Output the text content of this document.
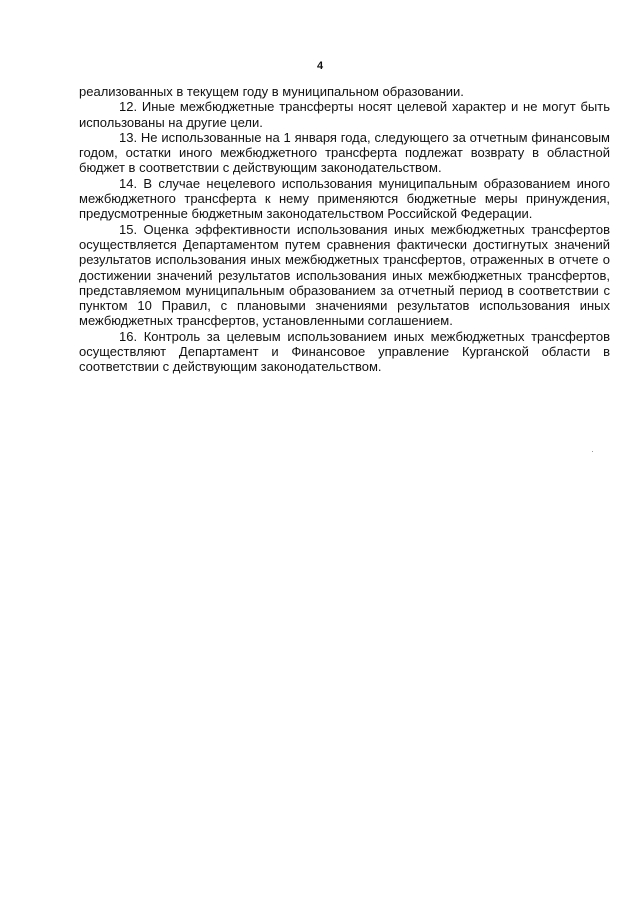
4

реализованных в текущем году в муниципальном образовании.

12. Иные межбюджетные трансферты носят целевой характер и не могут быть использованы на другие цели.

13. Не использованные на 1 января года, следующего за отчетным финансовым годом, остатки иного межбюджетного трансферта подлежат возврату в областной бюджет в соответствии с действующим законодательством.

14. В случае нецелевого использования муниципальным образованием иного межбюджетного трансферта к нему применяются бюджетные меры принуждения, предусмотренные бюджетным законодательством Российской Федерации.

15. Оценка эффективности использования иных межбюджетных трансфертов осуществляется Департаментом путем сравнения фактически достигнутых значений результатов использования иных межбюджетных трансфертов, отраженных в отчете о достижении значений результатов использования иных межбюджетных трансфертов, представляемом муниципальным образованием за отчетный период в соответствии с пунктом 10 Правил, с плановыми значениями результатов использования иных межбюджетных трансфертов, установленными соглашением.

16. Контроль за целевым использованием иных межбюджетных трансфертов осуществляют Департамент и Финансовое управление Курганской области в соответствии с действующим законодательством.
